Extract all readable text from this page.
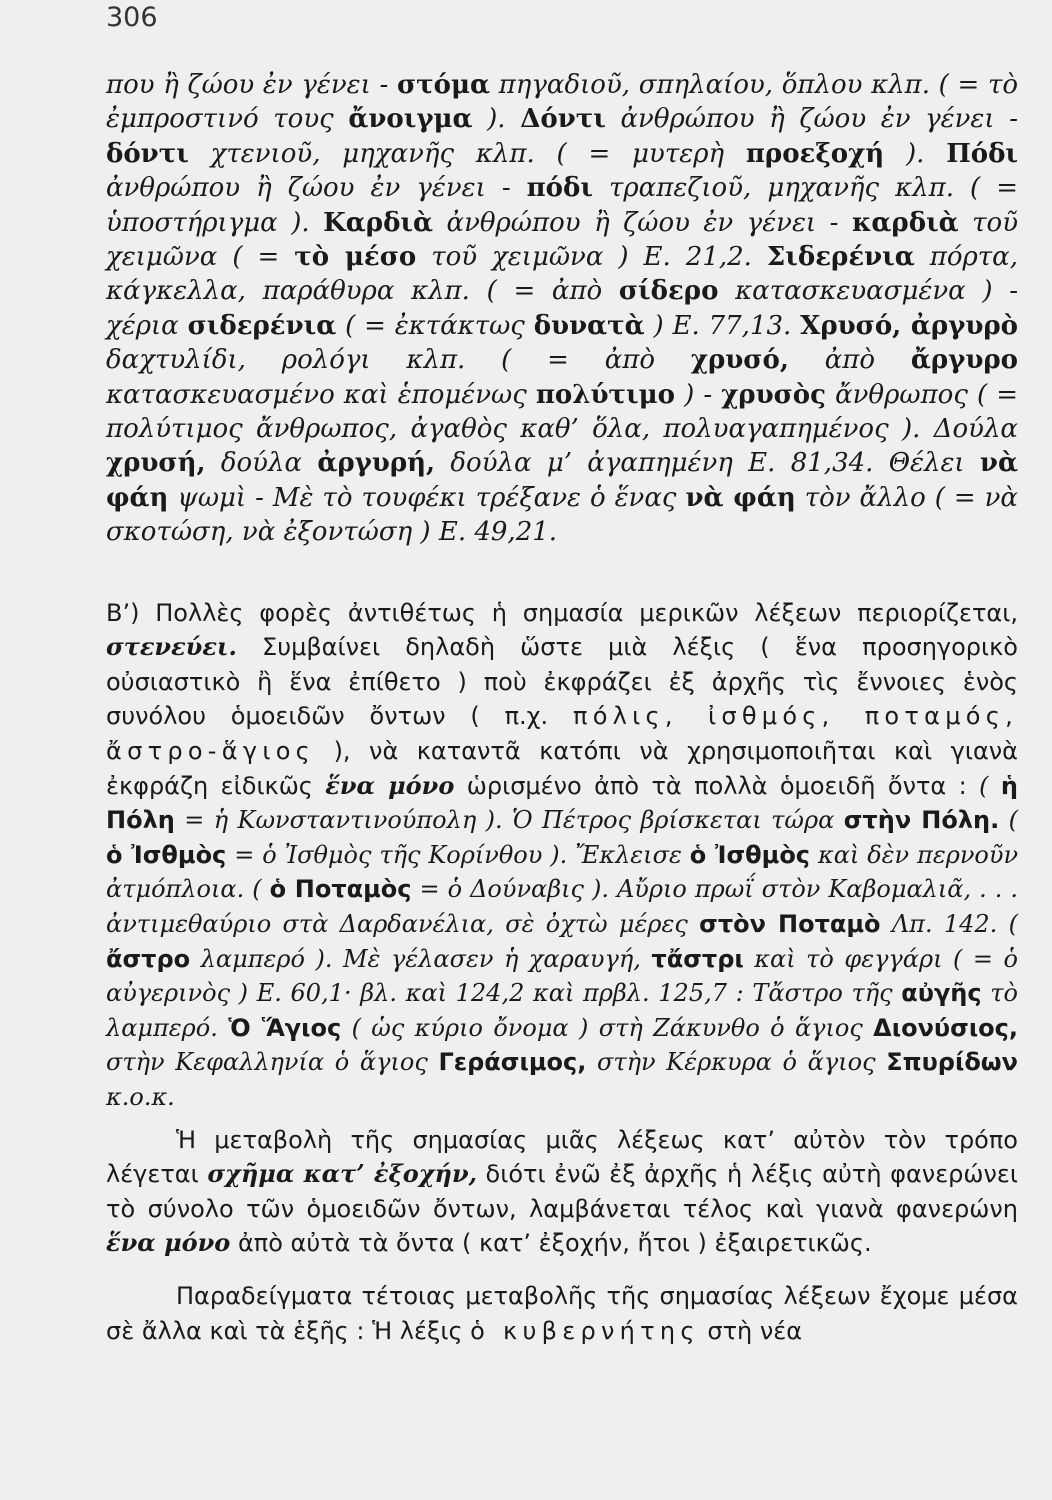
306

που ἢ ζώου ἐν γένει - στόμα πηγαδιοῦ, σπηλαίου, ὅπλου κλπ. ( = τὸ ἐμπροστινό τους ἄνοιγμα ). Δόντι ἀνθρώπου ἢ ζώου ἐν γένει - δόντι χτενιοῦ, μηχανῆς κλπ. ( = μυτερὴ προεξοχή ). Πόδι ἀνθρώπου ἢ ζώου ἐν γένει - πόδι τραπεζιοῦ, μηχανῆς κλπ. ( = ὑποστήριγμα ). Καρδιὰ ἀνθρώπου ἢ ζώου ἐν γένει - καρδιὰ τοῦ χειμῶνα ( = τὸ μέσο τοῦ χειμῶνα ) Ε. 21,2. Σιδερένια πόρτα, κάγκελλα, παράθυρα κλπ. ( = ἀπὸ σίδερο κατασκευασμένα ) - χέρια σιδερένια ( = ἐκτάκτως δυνατὰ ) Ε. 77,13. Χρυσό, ἀργυρὸ δαχτυλίδι, ρολόγι κλπ. ( = ἀπὸ χρυσό, ἀπὸ ἄργυρο κατασκευασμένο καὶ ἑπομένως πολύτιμο ) - χρυσὸς ἄνθρωπος ( = πολύτιμος ἄνθρωπος, ἀγαθὸς καθ’ ὅλα, πολυαγαπημένος ). Δούλα χρυσή, δούλα ἀργυρή, δούλα μ’ ἀγαπημένη Ε. 81,34. Θέλει νὰ φάη ψωμὶ - Μὲ τὸ τουφέκι τρέξανε ὁ ἕνας νὰ φάη τὸν ἄλλο ( = νὰ σκοτώση, νὰ ἐξοντώση ) Ε. 49,21.

Β’) Πολλὲς φορὲς ἀντιθέτως ἡ σημασία μερικῶν λέξεων περιορίζεται, στενεύει. Συμβαίνει δηλαδὴ ὥστε μιὰ λέξις ( ἕνα προσηγορικὸ οὐσιαστικὸ ἢ ἕνα ἐπίθετο ) ποὺ ἐκφράζει ἐξ ἀρχῆς τὶς ἔννοιες ἑνὸς συνόλου ὁμοειδῶν ὄντων ( π.χ. πόλις, ἰσθμός, ποταμός, ἄστρο-ἅγιος ), νὰ καταντᾶ κατόπι νὰ χρησιμοποιῆται καὶ γιανὰ ἐκφράζη εἰδικῶς ἕνα μόνο ὡρισμένο ἀπὸ τὰ πολλὰ ὁμοειδῆ ὄντα : ( ἡ Πόλη = ἡ Κωνσταντινούπολη ). Ὁ Πέτρος βρίσκεται τώρα στὴν Πόλη. ( ὁ Ἰσθμὸς = ὁ Ἰσθμὸς τῆς Κορίνθου ). Ἔκλεισε ὁ Ἰσθμὸς καὶ δὲν περνοῦν ἀτμόπλοια. ( ὁ Ποταμὸς = ὁ Δούναβις ). Αὔριο πρωΐ στὸν Καβομαλιᾶ, . . . ἀντιμεθαύριο στὰ Δαρδανέλια, σὲ ὀχτὼ μέρες στὸν Ποταμὸ Λπ. 142. ( ἄστρο λαμπερό ). Μὲ γέλασεν ἡ χαραυγή, τἄστρι καὶ τὸ φεγγάρι ( = ὁ αὐγερινὸς ) Ε. 60,1· βλ. καὶ 124,2 καὶ πρβλ. 125,7 : Τἄστρο τῆς αὐγῆς τὸ λαμπερό. Ὁ Ἅγιος ( ὡς κύριο ὄνομα ) στὴ Ζάκυνθο ὁ ἅγιος Διονύσιος, στὴν Κεφαλληνία ὁ ἅγιος Γεράσιμος, στὴν Κέρκυρα ὁ ἅγιος Σπυρίδων κ.ο.κ.

Ἡ μεταβολὴ τῆς σημασίας μιᾶς λέξεως κατ’ αὐτὸν τὸν τρόπο λέγεται σχῆμα κατ’ ἐξοχήν, διότι ἐνῶ ἐξ ἀρχῆς ἡ λέξις αὐτὴ φανερώνει τὸ σύνολο τῶν ὁμοειδῶν ὄντων, λαμβάνεται τέλος καὶ γιανὰ φανερώνη ἕνα μόνο ἀπὸ αὐτὰ τὰ ὄντα ( κατ’ ἐξοχήν, ἤτοι ) ἐξαιρετικῶς.

Παραδείγματα τέτοιας μεταβολῆς τῆς σημασίας λέξεων ἔχομε μέσα σὲ ἄλλα καὶ τὰ ἑξῆς : Ἡ λέξις ὁ κυβερνήτης στὴ νέα
